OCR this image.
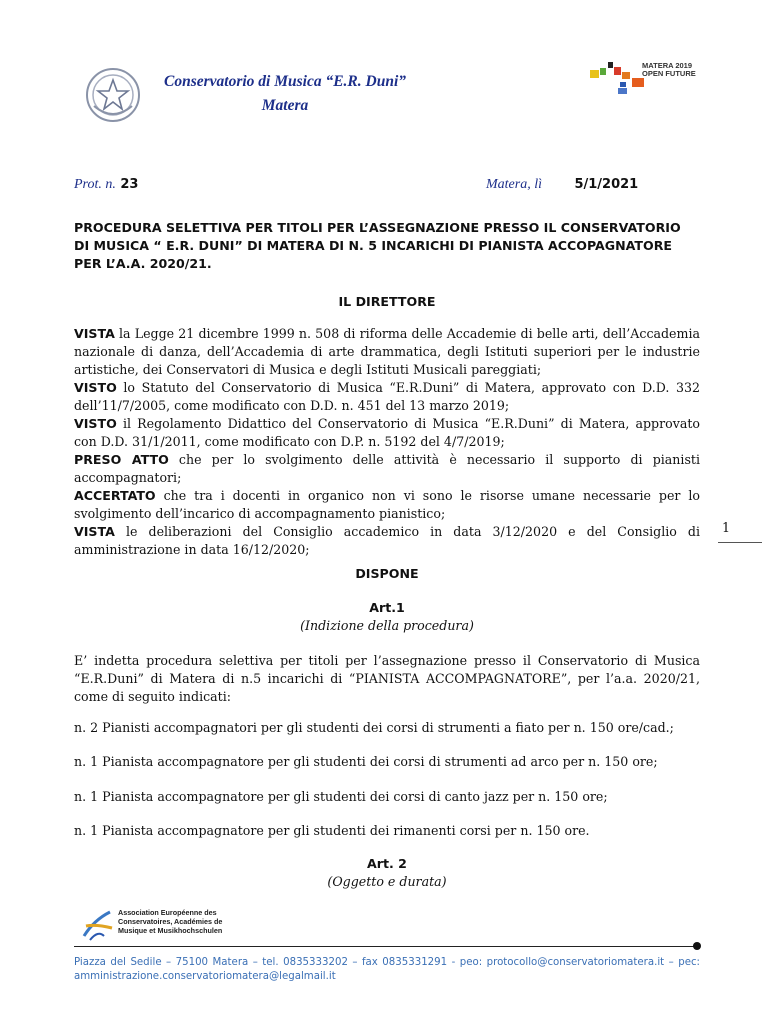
Conservatorio di Musica “E.R. Duni”
Matera
MATERA 2019
OPEN FUTURE
Prot. n. 23	Matera, lì 5/1/2021
PROCEDURA SELETTIVA PER TITOLI PER L’ASSEGNAZIONE PRESSO IL CONSERVATORIO DI MUSICA “ E.R. DUNI” DI MATERA DI N. 5 INCARICHI DI PIANISTA ACCOPAGNATORE PER L’A.A. 2020/21.
IL DIRETTORE

VISTA la Legge 21 dicembre 1999 n. 508 di riforma delle Accademie di belle arti, dell’Accademia nazionale di danza, dell’Accademia di arte drammatica, degli Istituti superiori per le industrie artistiche, dei Conservatori di Musica e degli Istituti Musicali pareggiati;

VISTO lo Statuto del Conservatorio di Musica “E.R.Duni” di Matera, approvato con D.D. 332 dell’11/7/2005, come modificato con D.D. n. 451 del 13 marzo 2019;

VISTO il Regolamento Didattico del Conservatorio di Musica “E.R.Duni” di Matera, approvato con D.D. 31/1/2011, come modificato con D.P. n. 5192 del 4/7/2019;

PRESO ATTO che per lo svolgimento delle attività è necessario il supporto di pianisti accompagnatori;

ACCERTATO che tra i docenti in organico non vi sono le risorse umane necessarie per lo svolgimento dell’incarico di accompagnamento pianistico;

VISTA le deliberazioni del Consiglio accademico in data 3/12/2020 e del Consiglio di amministrazione in data 16/12/2020;

1
DISPONE
Art.1
(Indizione della procedura)
E’ indetta procedura selettiva per titoli per l’assegnazione presso il Conservatorio di Musica “E.R.Duni” di Matera di n.5 incarichi di “PIANISTA ACCOMPAGNATORE”, per l’a.a. 2020/21, come di seguito indicati:
n. 2 Pianisti accompagnatori per gli studenti dei corsi di strumenti a fiato per n. 150 ore/cad.;
n. 1 Pianista accompagnatore per gli studenti dei corsi di strumenti ad arco per n. 150 ore;
n. 1 Pianista accompagnatore per gli studenti dei corsi di canto jazz per n. 150 ore;
n. 1 Pianista accompagnatore per gli studenti dei rimanenti corsi per n. 150 ore.
Art. 2
(Oggetto e durata)
Association Européenne des
Conservatoires, Académies de
Musique et Musikhochschulen
Piazza del Sedile – 75100 Matera – tel. 0835333202 – fax 0835331291 - peo: protocollo@conservatoriomatera.it – pec: amministrazione.conservatoriomatera@legalmail.it
